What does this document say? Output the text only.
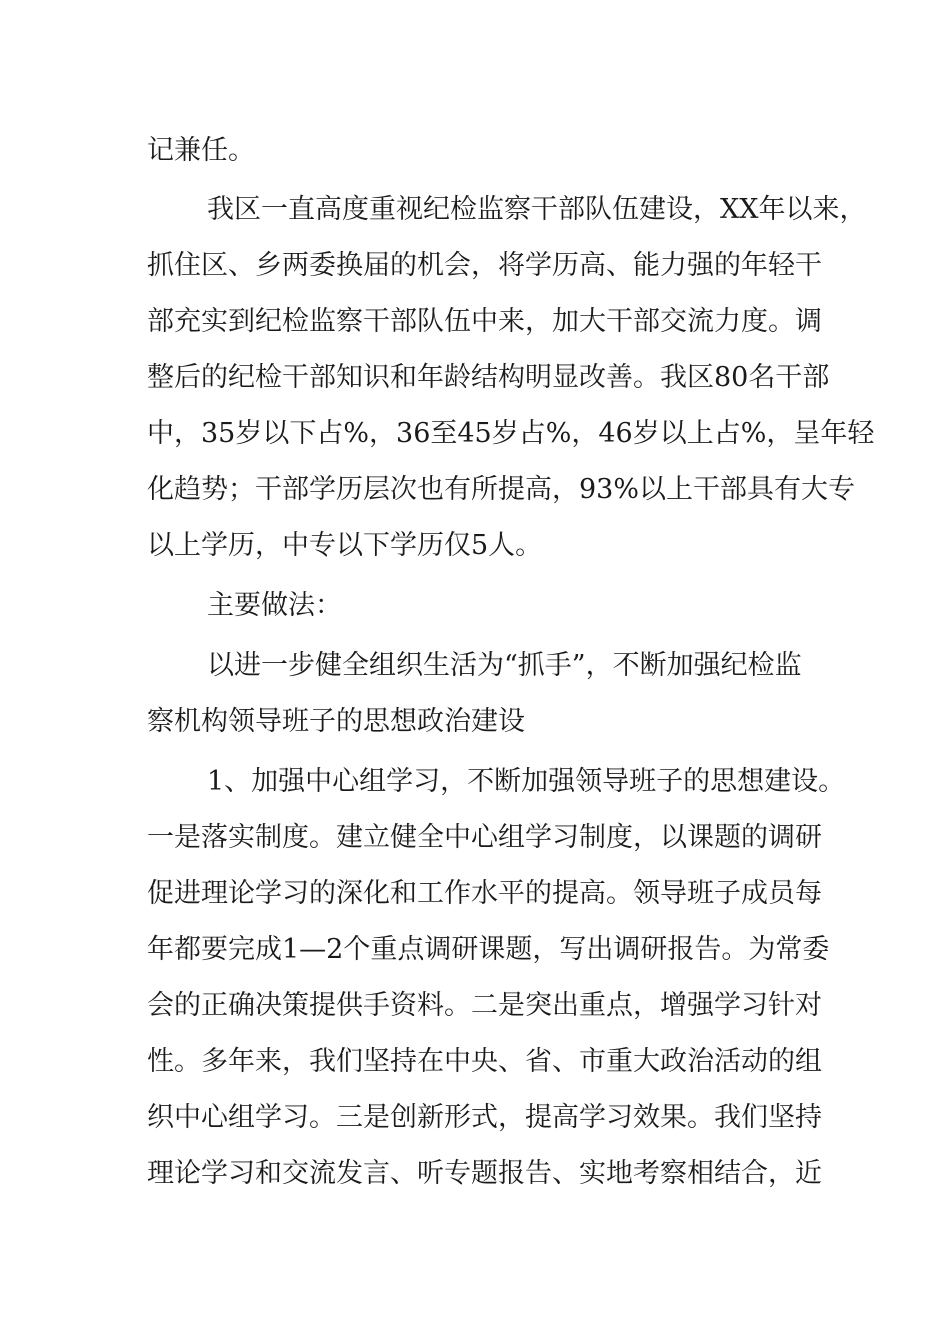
记兼任。
我区一直高度重视纪检监察干部队伍建设，XX年以来，
抓住区、乡两委换届的机会，将学历高、能力强的年轻干
部充实到纪检监察干部队伍中来，加大干部交流力度。调
整后的纪检干部知识和年龄结构明显改善。我区80名干部
中，35岁以下占%，36至45岁占%，46岁以上占%，呈年轻
化趋势；干部学历层次也有所提高，93%以上干部具有大专
以上学历，中专以下学历仅5人。
主要做法：
以进一步健全组织生活为“抓手”，不断加强纪检监
察机构领导班子的思想政治建设
1、加强中心组学习，不断加强领导班子的思想建设。
一是落实制度。建立健全中心组学习制度，以课题的调研
促进理论学习的深化和工作水平的提高。领导班子成员每
年都要完成1—2个重点调研课题，写出调研报告。为常委
会的正确决策提供手资料。二是突出重点，增强学习针对
性。多年来，我们坚持在中央、省、市重大政治活动的组
织中心组学习。三是创新形式，提高学习效果。我们坚持
理论学习和交流发言、听专题报告、实地考察相结合，近
